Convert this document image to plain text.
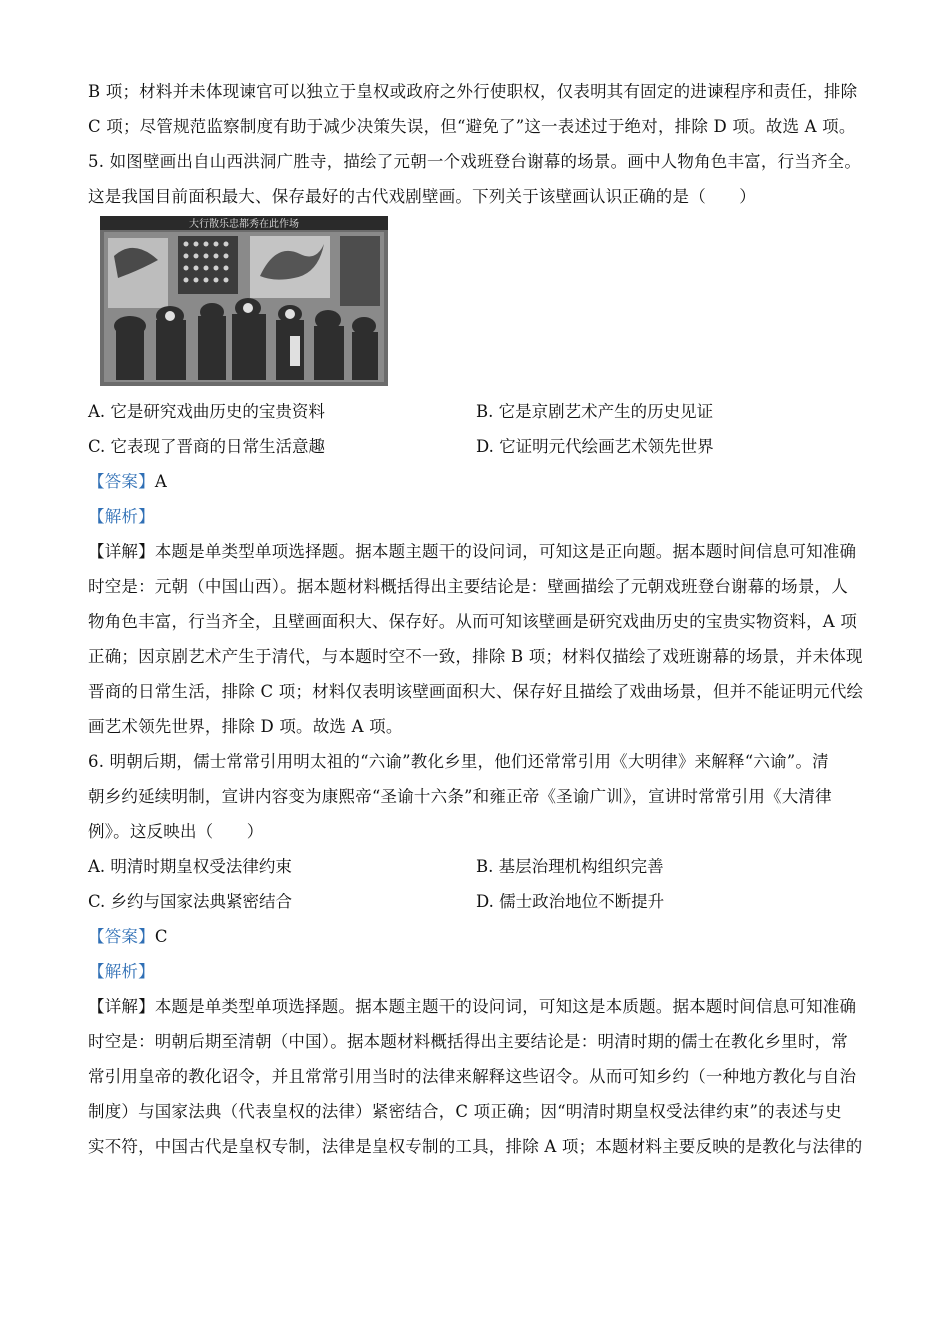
B 项；材料并未体现谏官可以独立于皇权或政府之外行使职权，仅表明其有固定的进谏程序和责任，排除
C 项；尽管规范监察制度有助于减少决策失误，但“避免了”这一表述过于绝对，排除 D 项。故选 A 项。
5. 如图壁画出自山西洪洞广胜寺，描绘了元朝一个戏班登台谢幕的场景。画中人物角色丰富，行当齐全。
这是我国目前面积最大、保存最好的古代戏剧壁画。下列关于该壁画认识正确的是（　　）
大行散乐忠都秀在此作场
A. 它是研究戏曲历史的宝贵资料	B. 它是京剧艺术产生的历史见证
C. 它表现了晋商的日常生活意趣	D. 它证明元代绘画艺术领先世界
【答案】A
【解析】
【详解】本题是单类型单项选择题。据本题主题干的设问词，可知这是正向题。据本题时间信息可知准确
时空是：元朝（中国山西）。据本题材料概括得出主要结论是：壁画描绘了元朝戏班登台谢幕的场景，人
物角色丰富，行当齐全，且壁画面积大、保存好。从而可知该壁画是研究戏曲历史的宝贵实物资料，A 项
正确；因京剧艺术产生于清代，与本题时空不一致，排除 B 项；材料仅描绘了戏班谢幕的场景，并未体现
晋商的日常生活，排除 C 项；材料仅表明该壁画面积大、保存好且描绘了戏曲场景，但并不能证明元代绘
画艺术领先世界，排除 D 项。故选 A 项。
6. 明朝后期，儒士常常引用明太祖的“六谕”教化乡里，他们还常常引用《大明律》来解释“六谕”。清
朝乡约延续明制，宣讲内容变为康熙帝“圣谕十六条”和雍正帝《圣谕广训》，宣讲时常常引用《大清律
例》。这反映出（　　）
A. 明清时期皇权受法律约束	B. 基层治理机构组织完善
C. 乡约与国家法典紧密结合	D. 儒士政治地位不断提升
【答案】C
【解析】
【详解】本题是单类型单项选择题。据本题主题干的设问词，可知这是本质题。据本题时间信息可知准确
时空是：明朝后期至清朝（中国）。据本题材料概括得出主要结论是：明清时期的儒士在教化乡里时，常
常引用皇帝的教化诏令，并且常常引用当时的法律来解释这些诏令。从而可知乡约（一种地方教化与自治
制度）与国家法典（代表皇权的法律）紧密结合，C 项正确；因“明清时期皇权受法律约束”的表述与史
实不符，中国古代是皇权专制，法律是皇权专制的工具，排除 A 项；本题材料主要反映的是教化与法律的
